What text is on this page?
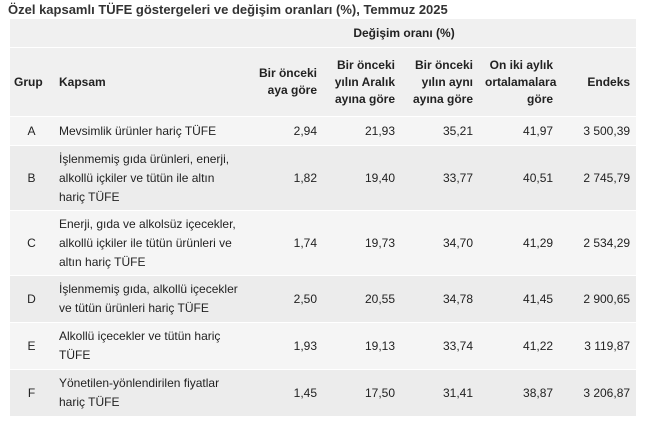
Özel kapsamlı TÜFE göstergeleri ve değişim oranları (%), Temmuz 2025
		Değişim oranı (%)				
Grup	Kapsam	Bir önceki aya göre	Bir önceki yılın Aralık ayına göre	Bir önceki yılın aynı ayına göre	On iki aylık ortalamalara göre	Endeks
A	Mevsimlik ürünler hariç TÜFE	2,94	21,93	35,21	41,97	3 500,39
B	İşlenmemiş gıda ürünleri, enerji, alkollü içkiler ve tütün ile altın hariç TÜFE	1,82	19,40	33,77	40,51	2 745,79
C	Enerji, gıda ve alkolsüz içecekler, alkollü içkiler ile tütün ürünleri ve altın hariç TÜFE	1,74	19,73	34,70	41,29	2 534,29
D	İşlenmemiş gıda, alkollü içecekler ve tütün ürünleri hariç TÜFE	2,50	20,55	34,78	41,45	2 900,65
E	Alkollü içecekler ve tütün hariç TÜFE	1,93	19,13	33,74	41,22	3 119,87
F	Yönetilen-yönlendirilen fiyatlar hariç TÜFE	1,45	17,50	31,41	38,87	3 206,87
